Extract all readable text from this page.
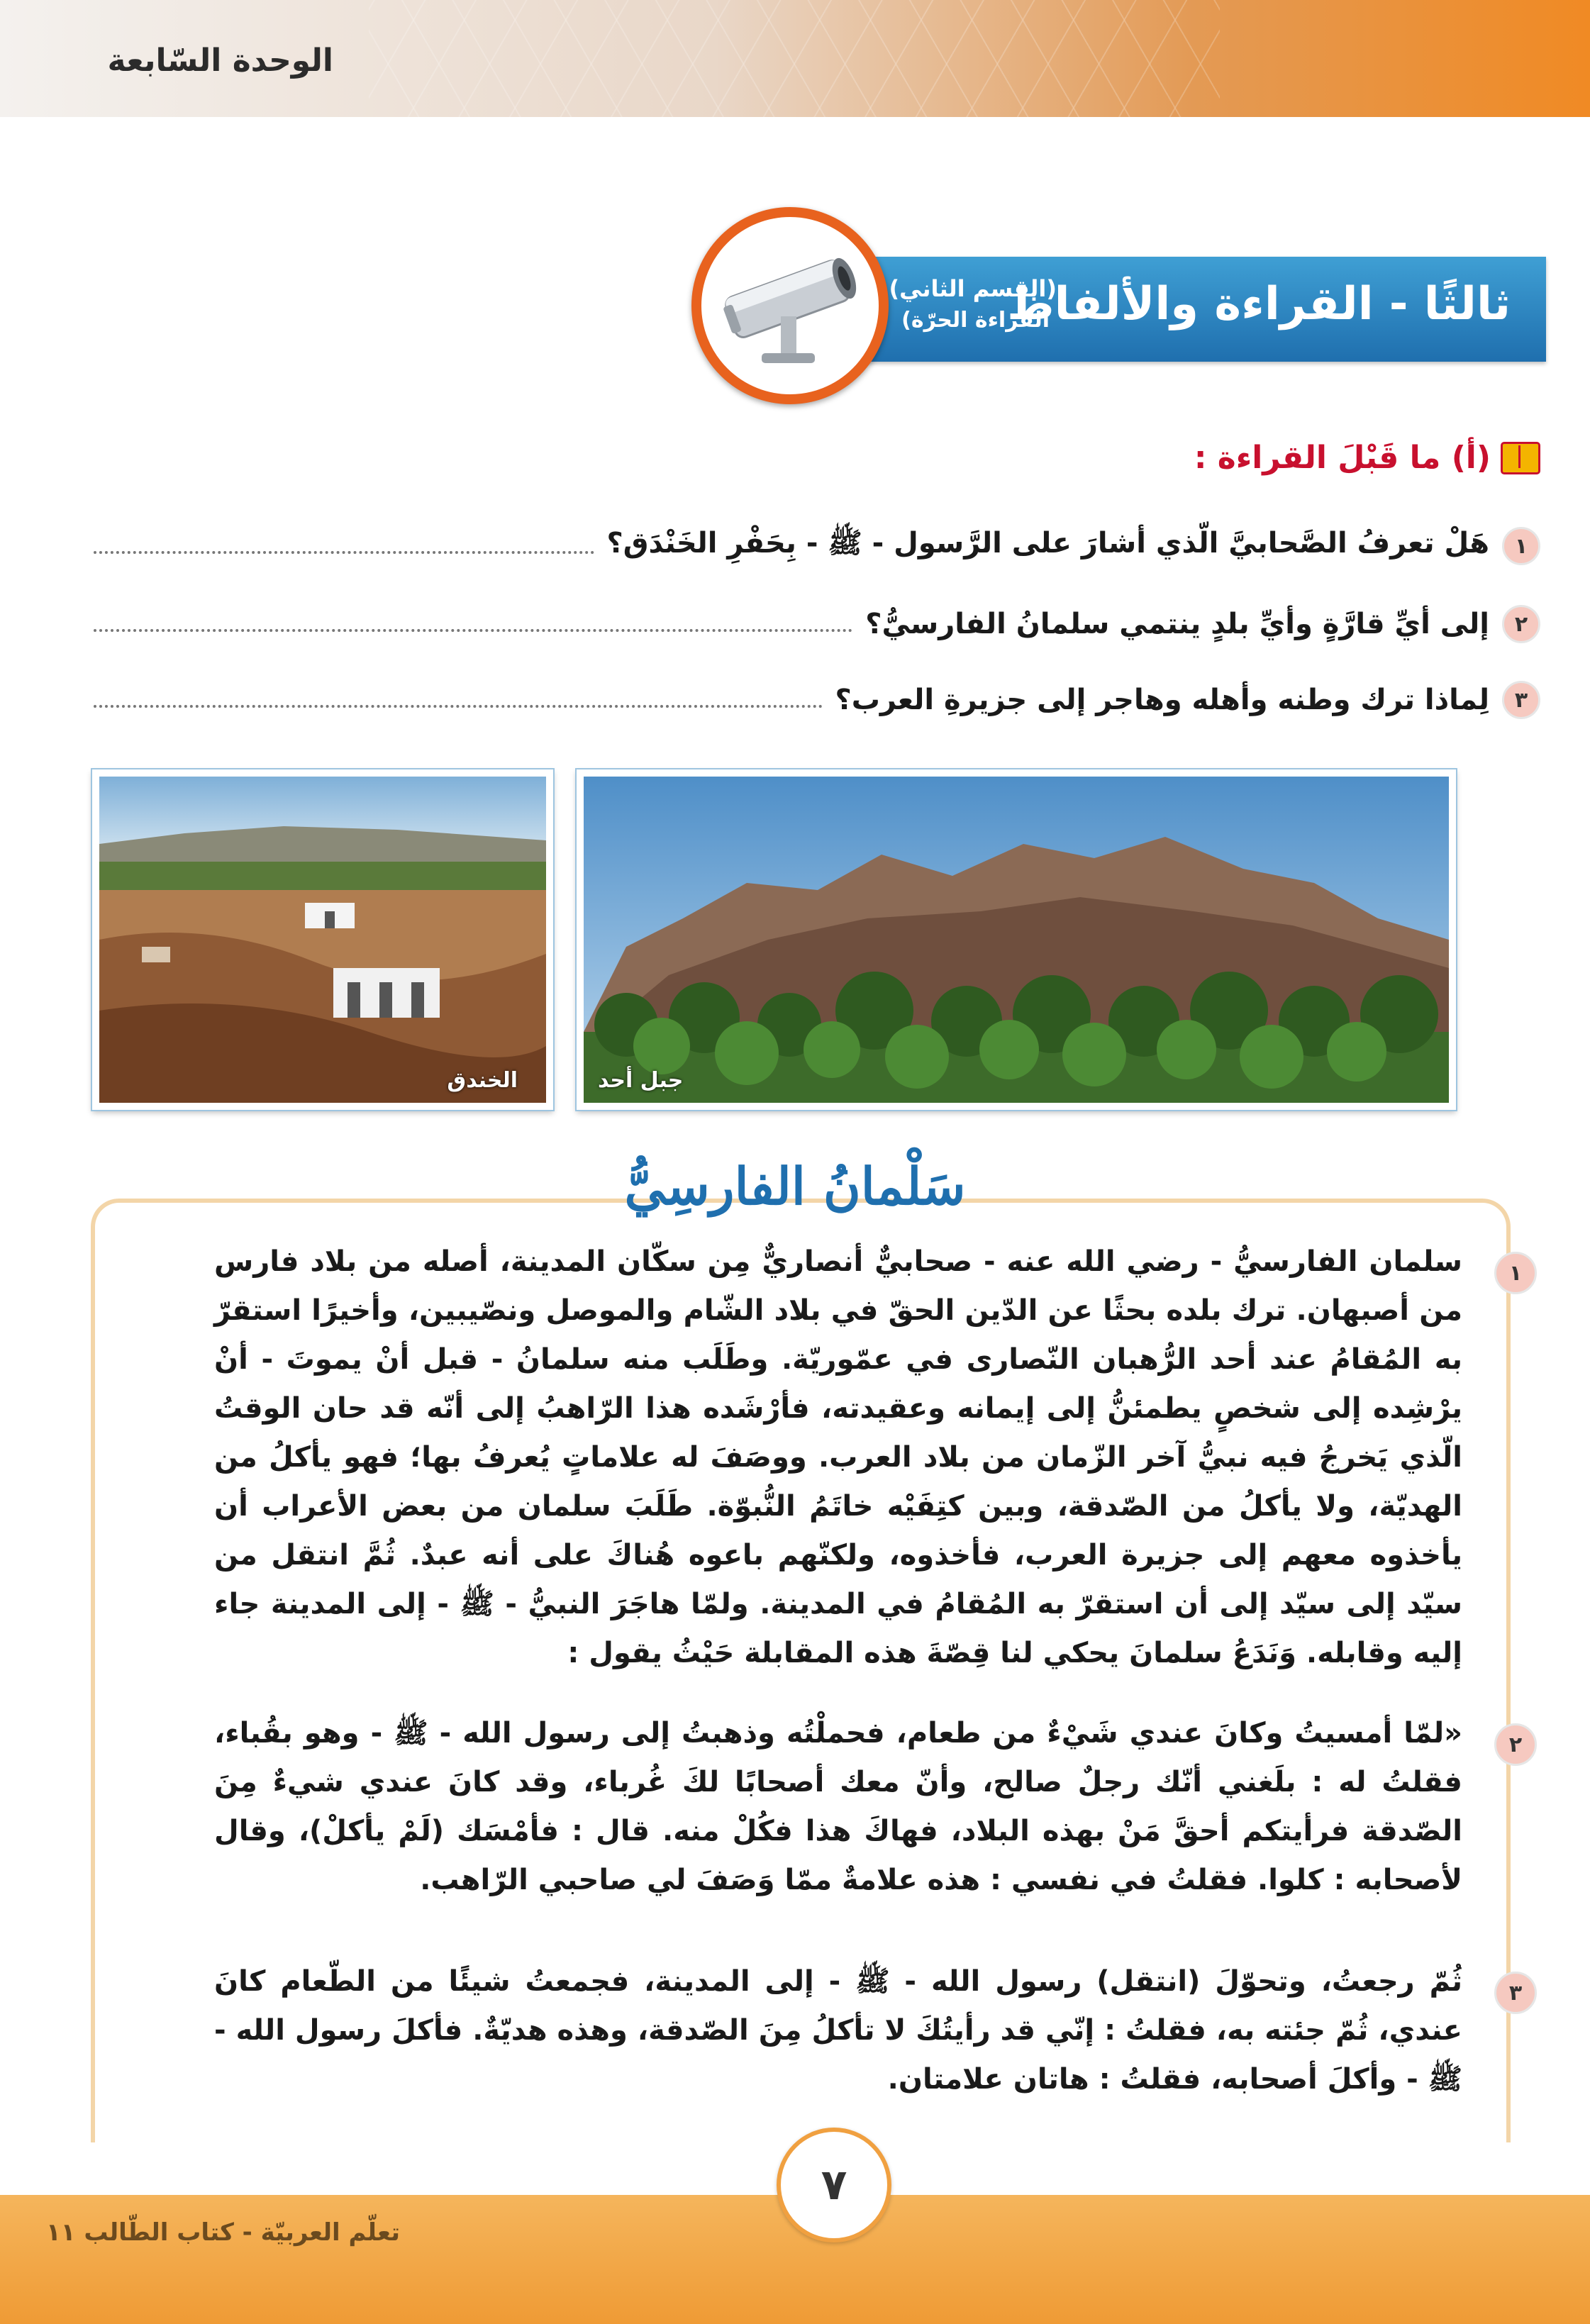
الوحدة السّابعة
ثالثًا - القراءة والألفاظ
(القسم الثاني)
القراءة الحرّة)
(أ) ما قَبْلَ القراءة :
١
هَلْ تعرفُ الصَّحابيَّ الّذي أشارَ على الرَّسول - ﷺ - بِحَفْرِ الخَنْدَق؟
٢
إلى أيِّ قارَّةٍ وأيِّ بلدٍ ينتمي سلمانُ الفارسيُّ؟
٣
لِماذا ترك وطنه وأهله وهاجر إلى جزيرةِ العرب؟
الخندق	جبل أحد
سَلْمانُ الفارسِيُّ
١
سلمان الفارسيُّ - رضي الله عنه - صحابيٌّ أنصاريٌّ مِن سكّان المدينة، أصله من بلاد فارس من أصبهان. ترك بلده بحثًا عن الدّين الحقّ في بلاد الشّام والموصل ونصّيبين، وأخيرًا استقرّ به المُقامُ عند أحد الرُّهبان النّصارى في عمّوريّة. وطَلَب منه سلمانُ - قبل أنْ يموتَ - أنْ يرْشِده إلى شخصٍ يطمئنُّ إلى إيمانه وعقيدته، فأرْشَده هذا الرّاهبُ إلى أنّه قد حان الوقتُ الّذي يَخرجُ فيه نبيُّ آخر الزّمان من بلاد العرب. ووصَفَ له علاماتٍ يُعرفُ بها؛ فهو يأكلُ من الهديّة، ولا يأكلُ من الصّدقة، وبين كتِفَيْه خاتَمُ النُّبوّة. طَلَبَ سلمان من بعض الأعراب أن يأخذوه معهم إلى جزيرة العرب، فأخذوه، ولكنّهم باعوه هُناكَ على أنه عبدٌ. ثُمَّ انتقل من سيّد إلى سيّد إلى أن استقرّ به المُقامُ في المدينة. ولمّا هاجَرَ النبيُّ - ﷺ - إلى المدينة جاء إليه وقابله. وَنَدَعُ سلمانَ يحكي لنا قِصّةَ هذه المقابلة حَيْثُ يقول :
٢
«لمّا أمسيتُ وكانَ عندي شَيْءٌ من طعام، فحملْتُه وذهبتُ إلى رسول الله - ﷺ - وهو بقُباء، فقلتُ له : بلَغني أنّك رجلٌ صالح، وأنّ معك أصحابًا لكَ غُرباء، وقد كانَ عندي شيءٌ مِنَ الصّدقة فرأيتكم أحقَّ مَنْ بهذه البلاد، فهاكَ هذا فكُلْ منه. قال : فأمْسَك (لَمْ يأكلْ)، وقال لأصحابه : كلوا. فقلتُ في نفسي : هذه علامةٌ ممّا وَصَفَ لي صاحبي الرّاهب.
٣
ثُمّ رجعتُ، وتحوّلَ (انتقل) رسول الله - ﷺ - إلى المدينة، فجمعتُ شيئًا من الطّعام كانَ عندي، ثُمّ جئته به، فقلتُ : إنّي قد رأيتُكَ لا تأكلُ مِنَ الصّدقة، وهذه هديّةٌ. فأكلَ رسول الله - ﷺ - وأكلَ أصحابه، فقلتُ : هاتان علامتان.
تعلّم العربيّة - كتاب الطّالب ١١
٧
